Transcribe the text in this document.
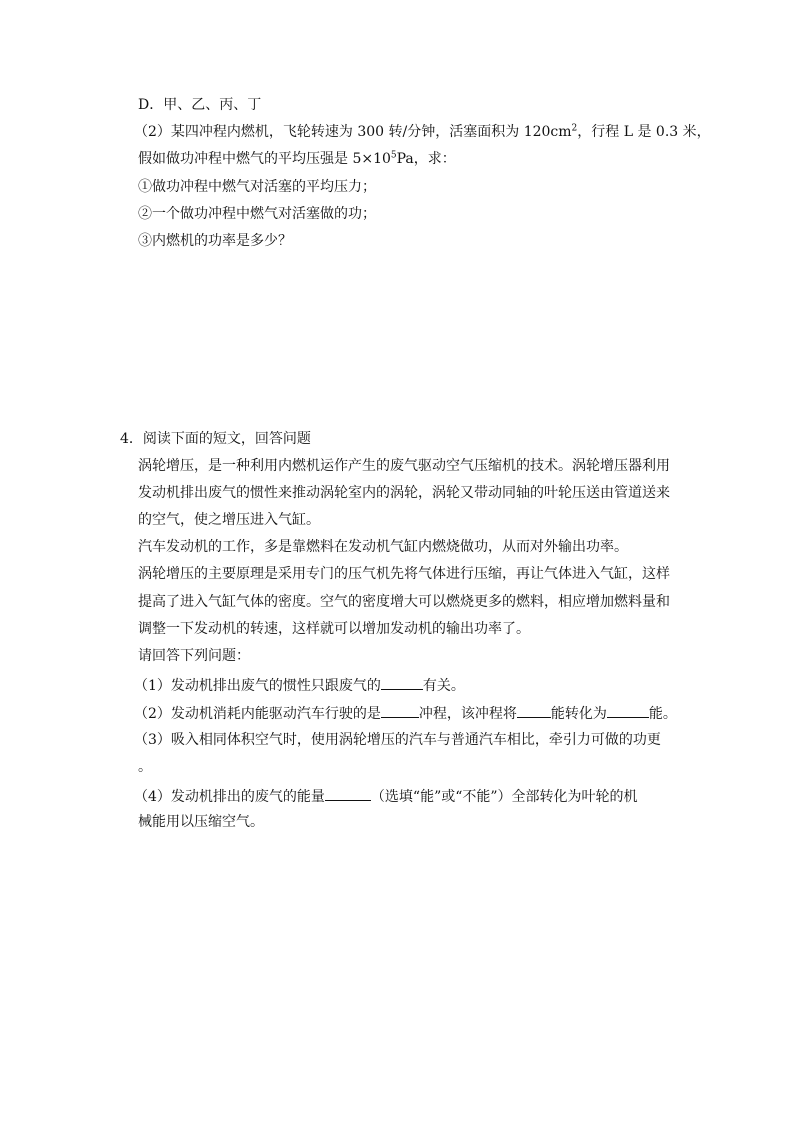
D．甲、乙、丙、丁
（2）某四冲程内燃机，飞轮转速为 300 转/分钟，活塞面积为 $120cm^2$，行程 L 是 0.3 米，
假如做功冲程中燃气的平均压强是 $5\times 10^5Pa$，求：
①做功冲程中燃气对活塞的平均压力；
②一个做功冲程中燃气对活塞做的功；
③内燃机的功率是多少？
4．阅读下面的短文，回答问题
涡轮增压，是一种利用内燃机运作产生的废气驱动空气压缩机的技术。涡轮增压器利用
发动机排出废气的惯性来推动涡轮室内的涡轮，涡轮又带动同轴的叶轮压送由管道送来
的空气，使之增压进入气缸。
汽车发动机的工作，多是靠燃料在发动机气缸内燃烧做功，从而对外输出功率。
涡轮增压的主要原理是采用专门的压气机先将气体进行压缩，再让气体进入气缸，这样
提高了进入气缸气体的密度。空气的密度增大可以燃烧更多的燃料，相应增加燃料量和
调整一下发动机的转速，这样就可以增加发动机的输出功率了。
请回答下列问题：
（1）发动机排出废气的惯性只跟废气的	有关。
（2）发动机消耗内能驱动汽车行驶的是	冲程，该冲程将 能转化为	能。
（3）吸入相同体积空气时，使用涡轮增压的汽车与普通汽车相比，牵引力可做的功更
。
（4）发动机排出的废气的能量	（选填“能”或“不能”）全部转化为叶轮的机
械能用以压缩空气。
